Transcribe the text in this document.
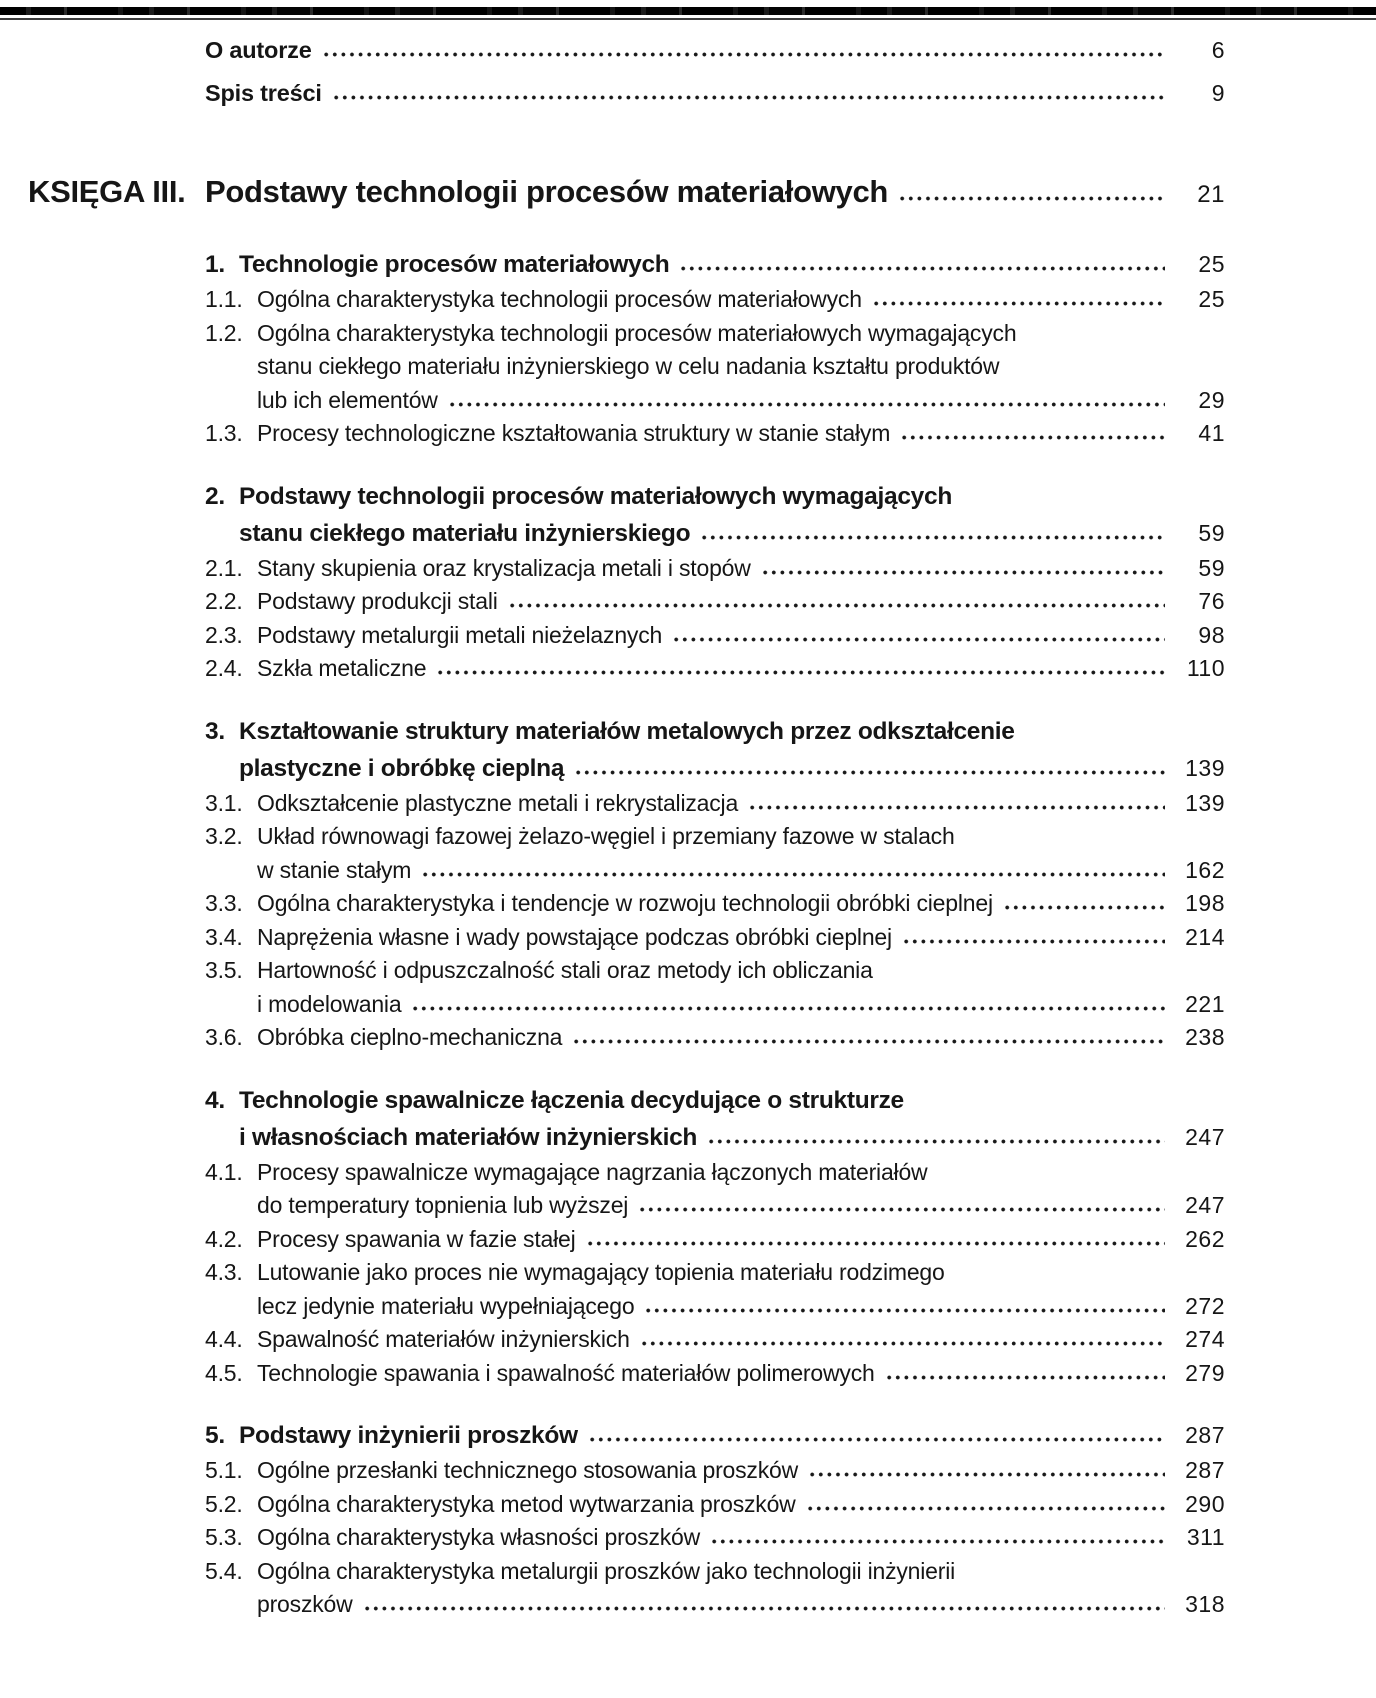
O autorze	6
Spis treści	9
KSIĘGA III. Podstawy technologii procesów materiałowych	21
1. Technologie procesów materiałowych	25
1.1. Ogólna charakterystyka technologii procesów materiałowych	25
1.2. Ogólna charakterystyka technologii procesów materiałowych wymagających
stanu ciekłego materiału inżynierskiego w celu nadania kształtu produktów
lub ich elementów	29
1.3. Procesy technologiczne kształtowania struktury w stanie stałym	41
2. Podstawy technologii procesów materiałowych wymagających
stanu ciekłego materiału inżynierskiego	59
2.1. Stany skupienia oraz krystalizacja metali i stopów	59
2.2. Podstawy produkcji stali	76
2.3. Podstawy metalurgii metali nieżelaznych	98
2.4. Szkła metaliczne	110
3. Kształtowanie struktury materiałów metalowych przez odkształcenie
plastyczne i obróbkę cieplną	139
3.1. Odkształcenie plastyczne metali i rekrystalizacja	139
3.2. Układ równowagi fazowej żelazo-węgiel i przemiany fazowe w stalach
w stanie stałym	162
3.3. Ogólna charakterystyka i tendencje w rozwoju technologii obróbki cieplnej	198
3.4. Naprężenia własne i wady powstające podczas obróbki cieplnej	214
3.5. Hartowność i odpuszczalność stali oraz metody ich obliczania
i modelowania	221
3.6. Obróbka cieplno-mechaniczna	238
4. Technologie spawalnicze łączenia decydujące o strukturze
i własnościach materiałów inżynierskich	247
4.1. Procesy spawalnicze wymagające nagrzania łączonych materiałów
do temperatury topnienia lub wyższej	247
4.2. Procesy spawania w fazie stałej	262
4.3. Lutowanie jako proces nie wymagający topienia materiału rodzimego
lecz jedynie materiału wypełniającego	272
4.4. Spawalność materiałów inżynierskich	274
4.5. Technologie spawania i spawalność materiałów polimerowych	279
5. Podstawy inżynierii proszków	287
5.1. Ogólne przesłanki technicznego stosowania proszków	287
5.2. Ogólna charakterystyka metod wytwarzania proszków	290
5.3. Ogólna charakterystyka własności proszków	311
5.4. Ogólna charakterystyka metalurgii proszków jako technologii inżynierii
proszków	318
